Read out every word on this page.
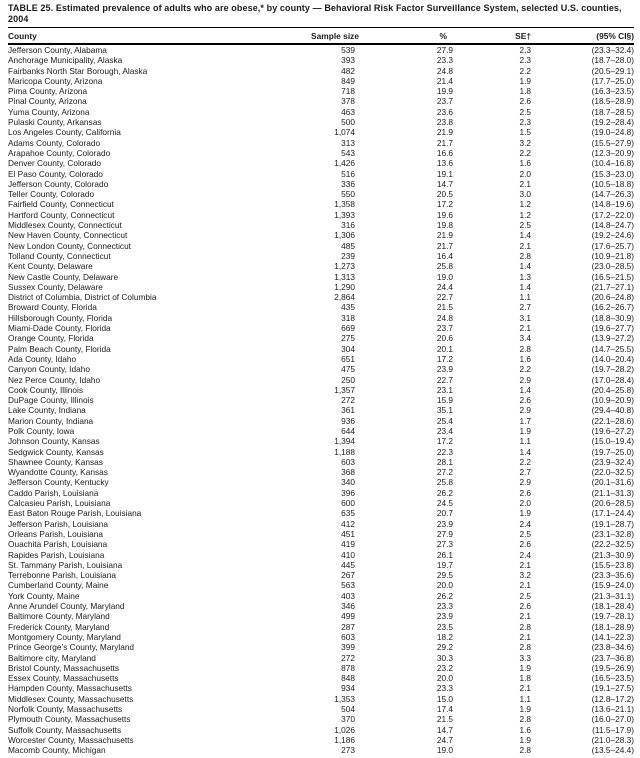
TABLE 25. Estimated prevalence of adults who are obese,* by county — Behavioral Risk Factor Surveillance System, selected U.S. counties, 2004
County	Sample size	%	SE†	(95% CI§)
Jefferson County, Alabama	539	27.9	2.3	(23.3–32.4)
Anchorage Municipality, Alaska	393	23.3	2.3	(18.7–28.0)
Fairbanks North Star Borough, Alaska	482	24.8	2.2	(20.5–29.1)
Maricopa County, Arizona	849	21.4	1.9	(17.7–25.0)
Pima County, Arizona	718	19.9	1.8	(16.3–23.5)
Pinal County, Arizona	378	23.7	2.6	(18.5–28.9)
Yuma County, Arizona	463	23.6	2.5	(18.7–28.5)
Pulaski County, Arkansas	500	23.8	2.3	(19.2–28.4)
Los Angeles County, California	1,074	21.9	1.5	(19.0–24.8)
Adams County, Colorado	313	21.7	3.2	(15.5–27.9)
Arapahoe County, Colorado	543	16.6	2.2	(12.3–20.9)
Denver County, Colorado	1,426	13.6	1.6	(10.4–16.8)
El Paso County, Colorado	516	19.1	2.0	(15.3–23.0)
Jefferson County, Colorado	336	14.7	2.1	(10.5–18.8)
Teller County, Colorado	550	20.5	3.0	(14.7–26.3)
Fairfield County, Connecticut	1,358	17.2	1.2	(14.8–19.6)
Hartford County, Connecticut	1,393	19.6	1.2	(17.2–22.0)
Middlesex County, Connecticut	316	19.8	2.5	(14.8–24.7)
New Haven County, Connecticut	1,306	21.9	1.4	(19.2–24.6)
New London County, Connecticut	485	21.7	2.1	(17.6–25.7)
Tolland County, Connecticut	239	16.4	2.8	(10.9–21.8)
Kent County, Delaware	1,273	25.8	1.4	(23.0–28.5)
New Castle County, Delaware	1,313	19.0	1.3	(16.5–21.5)
Sussex County, Delaware	1,290	24.4	1.4	(21.7–27.1)
District of Columbia, District of Columbia	2,864	22.7	1.1	(20.6–24.8)
Broward County, Florida	435	21.5	2.7	(16.2–26.7)
Hillsborough County, Florida	318	24.8	3.1	(18.8–30.9)
Miami-Dade County, Florida	669	23.7	2.1	(19.6–27.7)
Orange County, Florida	275	20.6	3.4	(13.9–27.2)
Palm Beach County, Florida	304	20.1	2.8	(14.7–25.5)
Ada County, Idaho	651	17.2	1.6	(14.0–20.4)
Canyon County, Idaho	475	23.9	2.2	(19.7–28.2)
Nez Perce County, Idaho	250	22.7	2.9	(17.0–28.4)
Cook County, Illinois	1,357	23.1	1.4	(20.4–25.8)
DuPage County, Illinois	272	15.9	2.6	(10.9–20.9)
Lake County, Indiana	361	35.1	2.9	(29.4–40.8)
Marion County, Indiana	936	25.4	1.7	(22.1–28.6)
Polk County, Iowa	644	23.4	1.9	(19.6–27.2)
Johnson County, Kansas	1,394	17.2	1.1	(15.0–19.4)
Sedgwick County, Kansas	1,188	22.3	1.4	(19.7–25.0)
Shawnee County, Kansas	603	28.1	2.2	(23.9–32.4)
Wyandotte County, Kansas	368	27.2	2.7	(22.0–32.5)
Jefferson County, Kentucky	340	25.8	2.9	(20.1–31.6)
Caddo Parish, Louisiana	396	26.2	2.6	(21.1–31.3)
Calcasieu Parish, Louisiana	600	24.5	2.0	(20.6–28.5)
East Baton Rouge Parish, Louisiana	635	20.7	1.9	(17.1–24.4)
Jefferson Parish, Louisiana	412	23.9	2.4	(19.1–28.7)
Orleans Parish, Louisiana	451	27.9	2.5	(23.1–32.8)
Ouachita Parish, Louisiana	419	27.3	2.6	(22.2–32.5)
Rapides Parish, Louisiana	410	26.1	2.4	(21.3–30.9)
St. Tammany Parish, Louisiana	445	19.7	2.1	(15.5–23.8)
Terrebonne Parish, Louisiana	267	29.5	3.2	(23.3–35.6)
Cumberland County, Maine	563	20.0	2.1	(15.9–24.0)
York County, Maine	403	26.2	2.5	(21.3–31.1)
Anne Arundel County, Maryland	346	23.3	2.6	(18.1–28.4)
Baltimore County, Maryland	499	23.9	2.1	(19.7–28.1)
Frederick County, Maryland	287	23.5	2.8	(18.1–28.9)
Montgomery County, Maryland	603	18.2	2.1	(14.1–22.3)
Prince George’s County, Maryland	399	29.2	2.8	(23.8–34.6)
Baltimore city, Maryland	272	30.3	3.3	(23.7–36.8)
Bristol County, Massachusetts	878	23.2	1.9	(19.5–26.9)
Essex County, Massachusetts	848	20.0	1.8	(16.5–23.5)
Hampden County, Massachusetts	934	23.3	2.1	(19.1–27.5)
Middlesex County, Massachusetts	1,353	15.0	1.1	(12.8–17.2)
Norfolk County, Massachusetts	504	17.4	1.9	(13.6–21.1)
Plymouth County, Massachusetts	370	21.5	2.8	(16.0–27.0)
Suffolk County, Massachusetts	1,026	14.7	1.6	(11.5–17.9)
Worcester County, Massachusetts	1,186	24.7	1.9	(21.0–28.3)
Macomb County, Michigan	273	19.0	2.8	(13.5–24.4)
